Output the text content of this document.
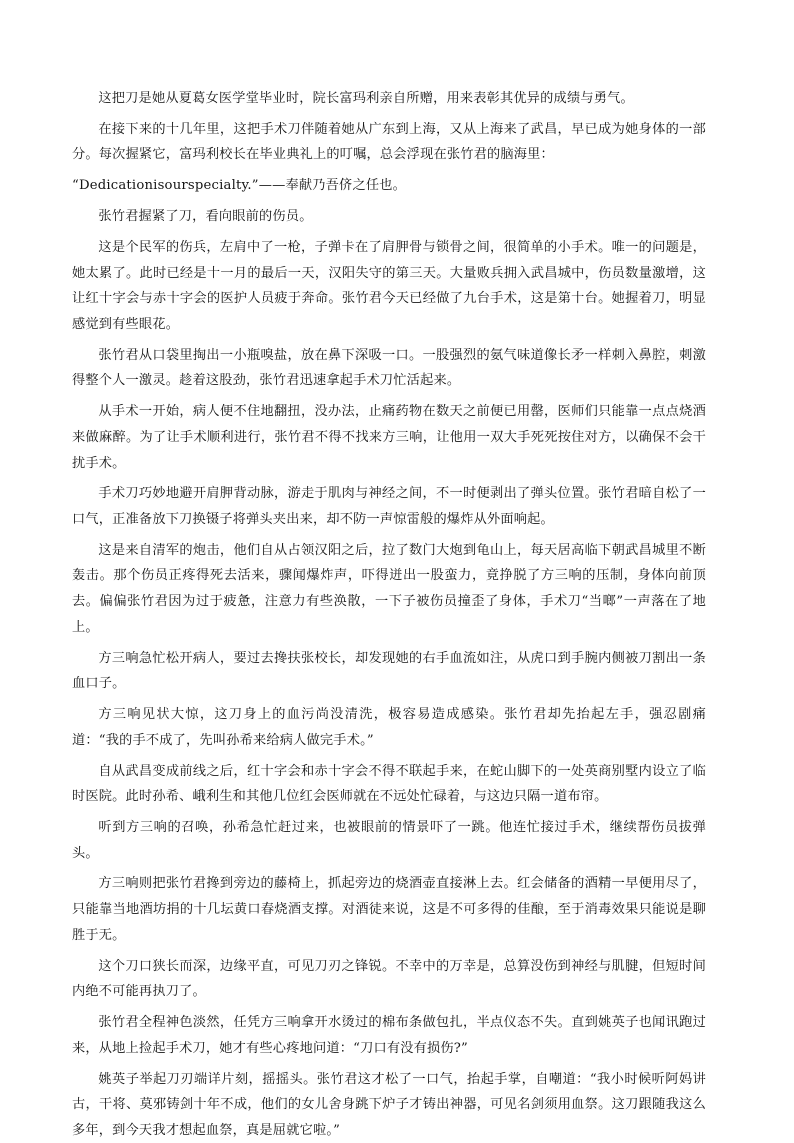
这把刀是她从夏葛女医学堂毕业时，院长富玛利亲自所赠，用来表彰其优异的成绩与勇气。

在接下来的十几年里，这把手术刀伴随着她从广东到上海，又从上海来了武昌，早已成为她身体的一部分。每次握紧它，富玛利校长在毕业典礼上的叮嘱，总会浮现在张竹君的脑海里：

“Dedicationisourspecialty.”——奉献乃吾侪之任也。

张竹君握紧了刀，看向眼前的伤员。

这是个民军的伤兵，左肩中了一枪，子弹卡在了肩胛骨与锁骨之间，很简单的小手术。唯一的问题是，她太累了。此时已经是十一月的最后一天，汉阳失守的第三天。大量败兵拥入武昌城中，伤员数量激增，这让红十字会与赤十字会的医护人员疲于奔命。张竹君今天已经做了九台手术，这是第十台。她握着刀，明显感觉到有些眼花。

张竹君从口袋里掏出一小瓶嗅盐，放在鼻下深吸一口。一股强烈的氨气味道像长矛一样刺入鼻腔，刺激得整个人一激灵。趁着这股劲，张竹君迅速拿起手术刀忙活起来。

从手术一开始，病人便不住地翻扭，没办法，止痛药物在数天之前便已用罄，医师们只能靠一点点烧酒来做麻醉。为了让手术顺利进行，张竹君不得不找来方三响，让他用一双大手死死按住对方，以确保不会干扰手术。

手术刀巧妙地避开肩胛背动脉，游走于肌肉与神经之间，不一时便剥出了弹头位置。张竹君暗自松了一口气，正准备放下刀换镊子将弹头夹出来，却不防一声惊雷般的爆炸从外面响起。

这是来自清军的炮击，他们自从占领汉阳之后，拉了数门大炮到龟山上，每天居高临下朝武昌城里不断轰击。那个伤员正疼得死去活来，骤闻爆炸声，吓得迸出一股蛮力，竟挣脱了方三响的压制，身体向前顶去。偏偏张竹君因为过于疲惫，注意力有些涣散，一下子被伤员撞歪了身体，手术刀“当啷”一声落在了地上。

方三响急忙松开病人，要过去搀扶张校长，却发现她的右手血流如注，从虎口到手腕内侧被刀割出一条血口子。

方三响见状大惊，这刀身上的血污尚没清洗，极容易造成感染。张竹君却先抬起左手，强忍剧痛道：“我的手不成了，先叫孙希来给病人做完手术。”

自从武昌变成前线之后，红十字会和赤十字会不得不联起手来，在蛇山脚下的一处英商别墅内设立了临时医院。此时孙希、峨利生和其他几位红会医师就在不远处忙碌着，与这边只隔一道布帘。

听到方三响的召唤，孙希急忙赶过来，也被眼前的情景吓了一跳。他连忙接过手术，继续帮伤员拔弹头。

方三响则把张竹君搀到旁边的藤椅上，抓起旁边的烧酒壶直接淋上去。红会储备的酒精一早便用尽了，只能靠当地酒坊捐的十几坛黄口春烧酒支撑。对酒徒来说，这是不可多得的佳酿，至于消毒效果只能说是聊胜于无。

这个刀口狭长而深，边缘平直，可见刀刃之锋锐。不幸中的万幸是，总算没伤到神经与肌腱，但短时间内绝不可能再执刀了。

张竹君全程神色淡然，任凭方三响拿开水烫过的棉布条做包扎，半点仪态不失。直到姚英子也闻讯跑过来，从地上捡起手术刀，她才有些心疼地问道：“刀口有没有损伤?”

姚英子举起刀刃端详片刻，摇摇头。张竹君这才松了一口气，抬起手掌，自嘲道：“我小时候听阿妈讲古，干将、莫邪铸剑十年不成，他们的女儿舍身跳下炉子才铸出神器，可见名剑须用血祭。这刀跟随我这么多年，到今天我才想起血祭，真是屈就它啦。”
